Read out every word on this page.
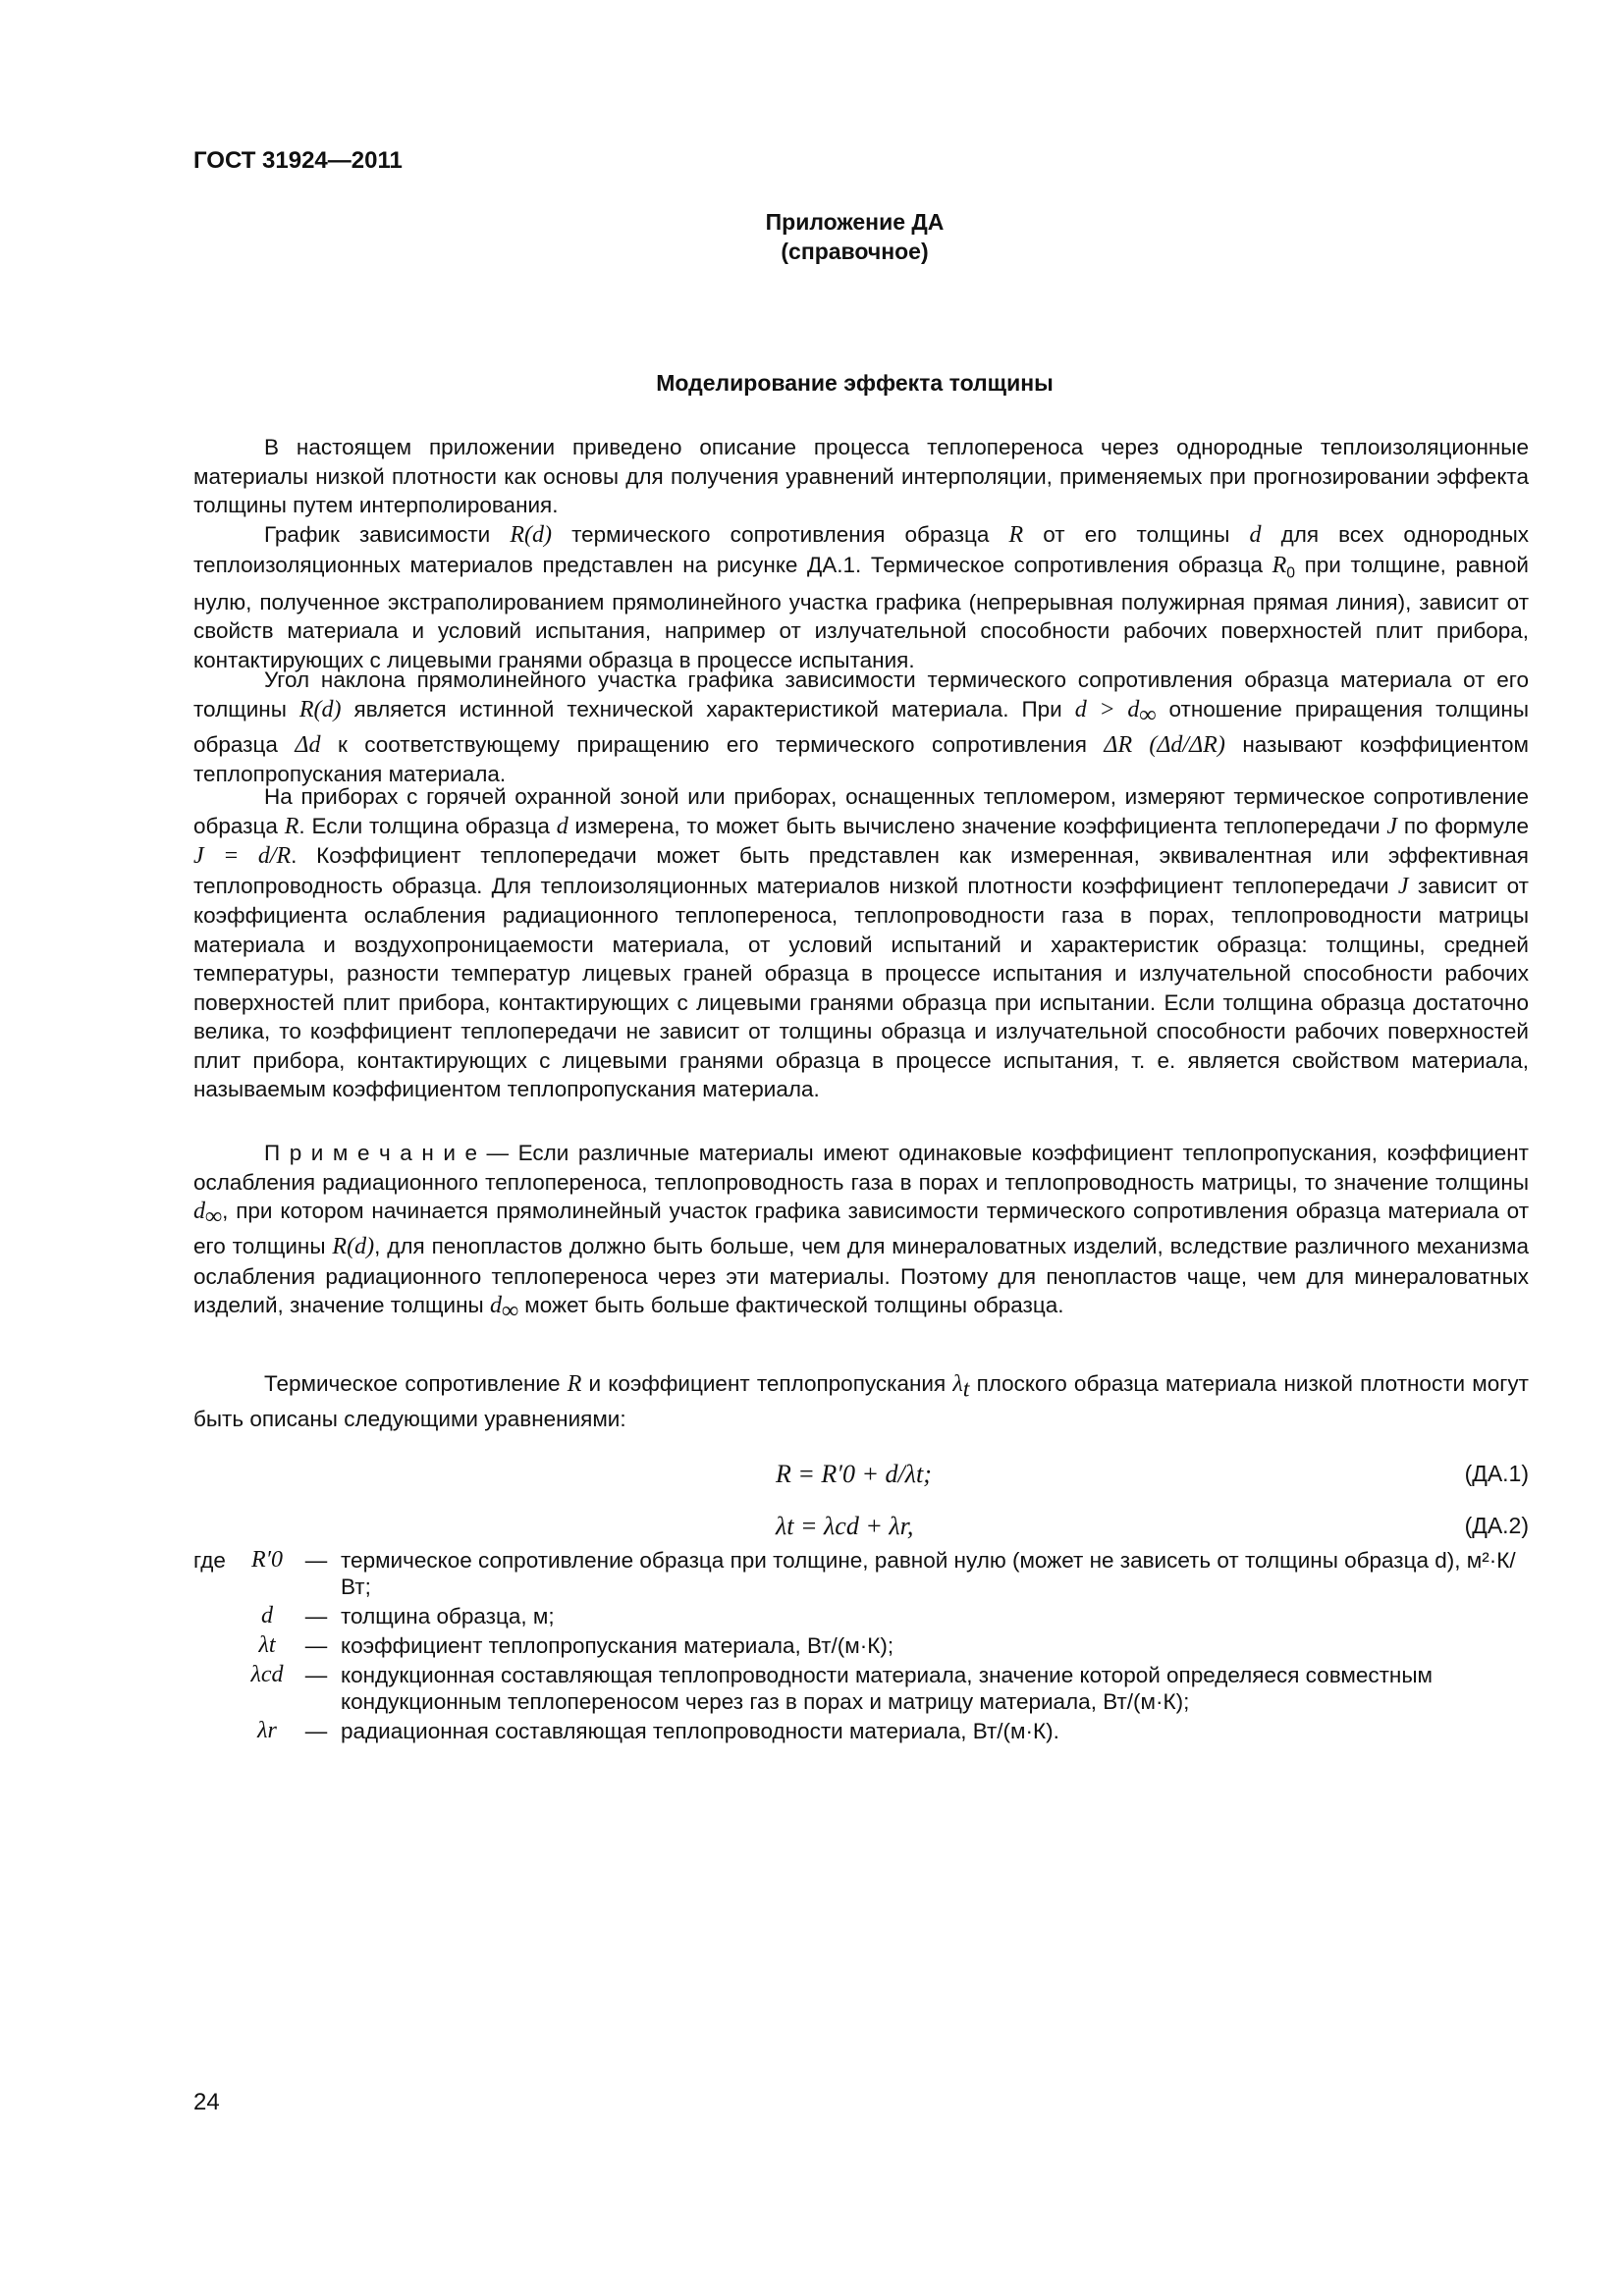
ГОСТ 31924—2011
Приложение ДА
(справочное)
Моделирование эффекта толщины

В настоящем приложении приведено описание процесса теплопереноса через однородные теплоизоляционные материалы низкой плотности как основы для получения уравнений интерполяции, применяемых при прогнозировании эффекта толщины путем интерполирования.

График зависимости R(d) термического сопротивления образца R от его толщины d для всех однородных теплоизоляционных материалов представлен на рисунке ДА.1. Термическое сопротивления образца $R_0$ при толщине, равной нулю, полученное экстраполированием прямолинейного участка графика (непрерывная полужирная прямая линия), зависит от свойств материала и условий испытания, например от излучательной способности рабочих поверхностей плит прибора, контактирующих с лицевыми гранями образца в процессе испытания.

Угол наклона прямолинейного участка графика зависимости термического сопротивления образца материала от его толщины R(d) является истинной технической характеристикой материала. При $d > d_\infty$ отношение приращения толщины образца Δd к соответствующему приращению его термического сопротивления ΔR (Δd/ΔR) называют коэффициентом теплопропускания материала.

На приборах с горячей охранной зоной или приборах, оснащенных тепломером, измеряют термическое сопротивление образца R. Если толщина образца d измерена, то может быть вычислено значение коэффициента теплопередачи J по формуле J = d/R. Коэффициент теплопередачи может быть представлен как измеренная, эквивалентная или эффективная теплопроводность образца. Для теплоизоляционных материалов низкой плотности коэффициент теплопередачи J зависит от коэффициента ослабления радиационного теплопереноса, теплопроводности газа в порах, теплопроводности матрицы материала и воздухопроницаемости материала, от условий испытаний и характеристик образца: толщины, средней температуры, разности температур лицевых граней образца в процессе испытания и излучательной способности рабочих поверхностей плит прибора, контактирующих с лицевыми гранями образца при испытании. Если толщина образца достаточно велика, то коэффициент теплопередачи не зависит от толщины образца и излучательной способности рабочих поверхностей плит прибора, контактирующих с лицевыми гранями образца в процессе испытания, т. е. является свойством материала, называемым коэффициентом теплопропускания материала.

П р и м е ч а н и е — Если различные материалы имеют одинаковые коэффициент теплопропускания, коэффициент ослабления радиационного теплопереноса, теплопроводность газа в порах и теплопроводность матрицы, то значение толщины $d_\infty$, при котором начинается прямолинейный участок графика зависимости термического сопротивления образца материала от его толщины R(d), для пенопластов должно быть больше, чем для минераловатных изделий, вследствие различного механизма ослабления радиационного теплопереноса через эти материалы. Поэтому для пенопластов чаще, чем для минераловатных изделий, значение толщины $d_\infty$ может быть больше фактической толщины образца.

Термическое сопротивление R и коэффициент теплопропускания $\lambda_t$ плоского образца материала низкой плотности могут быть описаны следующими уравнениями:

R = R′0 + d/λt;	(ДА.1)
λt = λcd + λr,	(ДА.2)
где	R′0	— термическое сопротивление образца при толщине, равной нулю (может не зависеть от толщины образца d), м²·К/Вт;
d	— толщина образца, м;
λt	— коэффициент теплопропускания материала, Вт/(м·К);
λcd — кондукционная составляющая теплопроводности материала, значение которой определяеся совместным кондукционным теплопереносом через газ в порах и матрицу материала, Вт/(м·К);
λr	— радиационная составляющая теплопроводности материала, Вт/(м·К).
24
